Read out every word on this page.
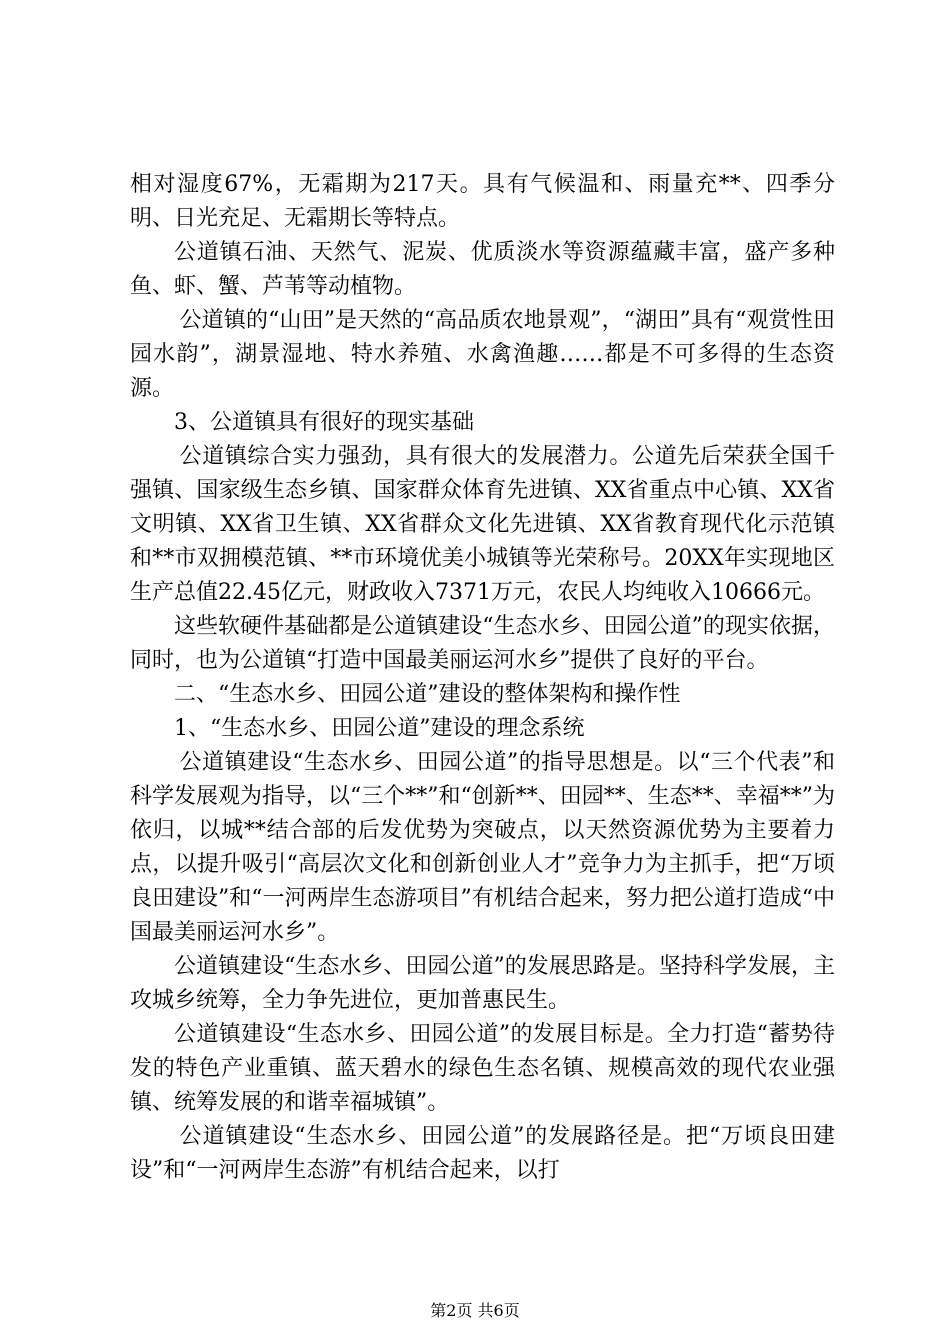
相对湿度67%，无霜期为217天。具有气候温和、雨量充**、四季分明、日光充足、无霜期长等特点。

公道镇石油、天然气、泥炭、优质淡水等资源蕴藏丰富，盛产多种鱼、虾、蟹、芦苇等动植物。

公道镇的“山田”是天然的“高品质农地景观”，“湖田”具有“观赏性田园水韵”，湖景湿地、特水养殖、水禽渔趣……都是不可多得的生态资源。

3、公道镇具有很好的现实基础

公道镇综合实力强劲，具有很大的发展潜力。公道先后荣获全国千强镇、国家级生态乡镇、国家群众体育先进镇、XX省重点中心镇、XX省文明镇、XX省卫生镇、XX省群众文化先进镇、XX省教育现代化示范镇和**市双拥模范镇、**市环境优美小城镇等光荣称号。20XX年实现地区生产总值22.45亿元，财政收入7371万元，农民人均纯收入10666元。

这些软硬件基础都是公道镇建设“生态水乡、田园公道”的现实依据，同时，也为公道镇“打造中国最美丽运河水乡”提供了良好的平台。

二、“生态水乡、田园公道”建设的整体架构和操作性

1、“生态水乡、田园公道”建设的理念系统

公道镇建设“生态水乡、田园公道”的指导思想是。以“三个代表”和科学发展观为指导，以“三个**”和“创新**、田园**、生态**、幸福**”为依归，以城**结合部的后发优势为突破点，以天然资源优势为主要着力点，以提升吸引“高层次文化和创新创业人才”竞争力为主抓手，把“万顷良田建设”和“一河两岸生态游项目”有机结合起来，努力把公道打造成“中国最美丽运河水乡”。

公道镇建设“生态水乡、田园公道”的发展思路是。坚持科学发展，主攻城乡统筹，全力争先进位，更加普惠民生。

公道镇建设“生态水乡、田园公道”的发展目标是。全力打造“蓄势待发的特色产业重镇、蓝天碧水的绿色生态名镇、规模高效的现代农业强镇、统筹发展的和谐幸福城镇”。

公道镇建设“生态水乡、田园公道”的发展路径是。把“万顷良田建设”和“一河两岸生态游”有机结合起来，以打

第2页 共6页
